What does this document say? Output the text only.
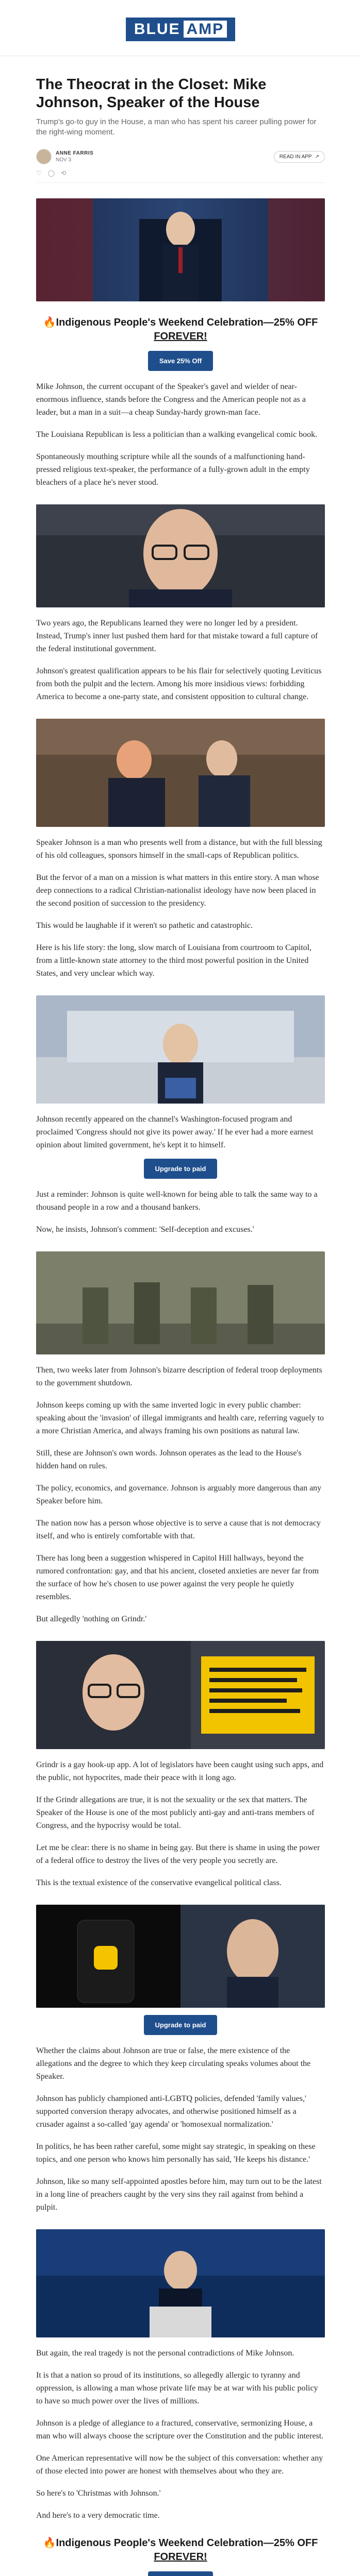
BLUE AMP
The Theocrat in the Closet: Mike Johnson, Speaker of the House
Trump's go-to guy in the House, a man who has spent his career pulling power for the right-wing moment.
ANNE FARRIS
NOV 3
READ IN APP ↗
♡ ◯ ⟲
🔥Indigenous People's Weekend Celebration—25% OFF FOREVER!
Save 25% Off

Mike Johnson, the current occupant of the Speaker's gavel and wielder of near-enormous influence, stands before the Congress and the American people not as a leader, but a man in a suit—a cheap Sunday-hardy grown-man face.

The Louisiana Republican is less a politician than a walking evangelical comic book.

Spontaneously mouthing scripture while all the sounds of a malfunctioning hand-pressed religious text-speaker, the performance of a fully-grown adult in the empty bleachers of a place he's never stood.

Two years ago, the Republicans learned they were no longer led by a president. Instead, Trump's inner lust pushed them hard for that mistake toward a full capture of the federal institutional government.

Johnson's greatest qualification appears to be his flair for selectively quoting Leviticus from both the pulpit and the lectern. Among his more insidious views: forbidding America to become a one-party state, and consistent opposition to cultural change.

Speaker Johnson is a man who presents well from a distance, but with the full blessing of his old colleagues, sponsors himself in the small-caps of Republican politics.

But the fervor of a man on a mission is what matters in this entire story. A man whose deep connections to a radical Christian-nationalist ideology have now been placed in the second position of succession to the presidency.

This would be laughable if it weren't so pathetic and catastrophic.

Here is his life story: the long, slow march of Louisiana from courtroom to Capitol, from a little-known state attorney to the third most powerful position in the United States, and very unclear which way.

Johnson recently appeared on the channel's Washington-focused program and proclaimed 'Congress should not give its power away.' If he ever had a more earnest opinion about limited government, he's kept it to himself.

Upgrade to paid

Just a reminder: Johnson is quite well-known for being able to talk the same way to a thousand people in a row and a thousand bankers.

Now, he insists, Johnson's comment: 'Self-deception and excuses.'

Then, two weeks later from Johnson's bizarre description of federal troop deployments to the government shutdown.

Johnson keeps coming up with the same inverted logic in every public chamber: speaking about the 'invasion' of illegal immigrants and health care, referring vaguely to a more Christian America, and always framing his own positions as natural law.

Still, these are Johnson's own words. Johnson operates as the lead to the House's hidden hand on rules.

The policy, economics, and governance. Johnson is arguably more dangerous than any Speaker before him.

The nation now has a person whose objective is to serve a cause that is not democracy itself, and who is entirely comfortable with that.

There has long been a suggestion whispered in Capitol Hill hallways, beyond the rumored confrontation: gay, and that his ancient, closeted anxieties are never far from the surface of how he's chosen to use power against the very people he quietly resembles.

But allegedly 'nothing on Grindr.'

Grindr is a gay hook-up app. A lot of legislators have been caught using such apps, and the public, not hypocrites, made their peace with it long ago.

If the Grindr allegations are true, it is not the sexuality or the sex that matters. The Speaker of the House is one of the most publicly anti-gay and anti-trans members of Congress, and the hypocrisy would be total.

Let me be clear: there is no shame in being gay. But there is shame in using the power of a federal office to destroy the lives of the very people you secretly are.

This is the textual existence of the conservative evangelical political class.

Upgrade to paid

Whether the claims about Johnson are true or false, the mere existence of the allegations and the degree to which they keep circulating speaks volumes about the Speaker.

Johnson has publicly championed anti-LGBTQ policies, defended 'family values,' supported conversion therapy advocates, and otherwise positioned himself as a crusader against a so-called 'gay agenda' or 'homosexual normalization.'

In politics, he has been rather careful, some might say strategic, in speaking on these topics, and one person who knows him personally has said, 'He keeps his distance.'

Johnson, like so many self-appointed apostles before him, may turn out to be the latest in a long line of preachers caught by the very sins they rail against from behind a pulpit.

But again, the real tragedy is not the personal contradictions of Mike Johnson.

It is that a nation so proud of its institutions, so allegedly allergic to tyranny and oppression, is allowing a man whose private life may be at war with his public policy to have so much power over the lives of millions.

Johnson is a pledge of allegiance to a fractured, conservative, sermonizing House, a man who will always choose the scripture over the Constitution and the public interest.

One American representative will now be the subject of this conversation: whether any of those elected into power are honest with themselves about who they are.

So here's to 'Christmas with Johnson.'

And here's to a very democratic time.

🔥Indigenous People's Weekend Celebration—25% OFF FOREVER!
